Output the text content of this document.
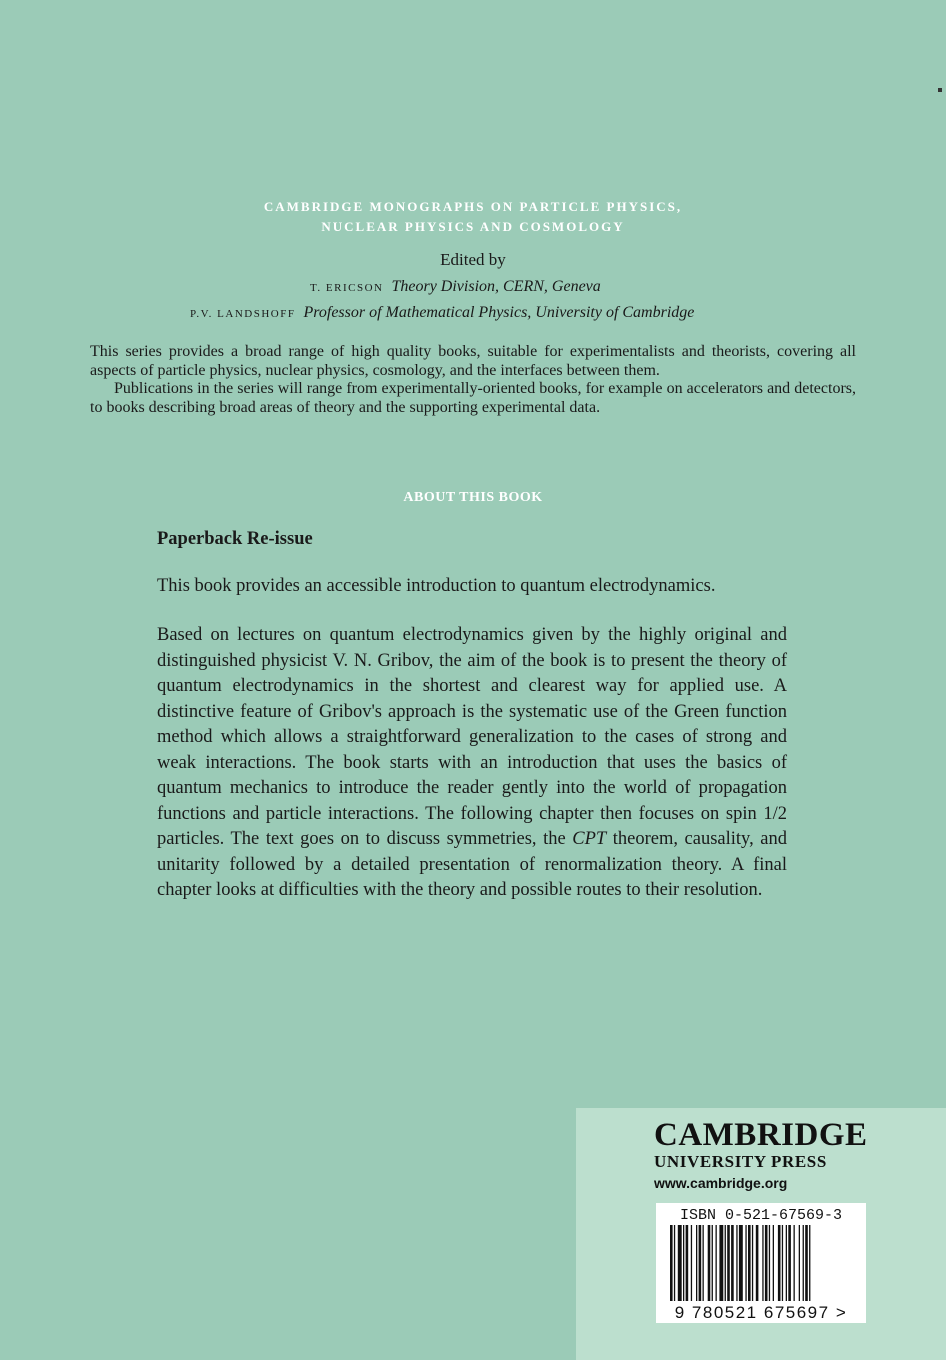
CAMBRIDGE MONOGRAPHS ON PARTICLE PHYSICS,
NUCLEAR PHYSICS AND COSMOLOGY
Edited by
T. ERICSON Theory Division, CERN, Geneva
P.V. LANDSHOFF Professor of Mathematical Physics, University of Cambridge

This series provides a broad range of high quality books, suitable for experimentalists and theorists, covering all aspects of particle physics, nuclear physics, cosmology, and the interfaces between them.

Publications in the series will range from experimentally-oriented books, for example on accelerators and detectors, to books describing broad areas of theory and the supporting experimental data.

ABOUT THIS BOOK

Paperback Re-issue

This book provides an accessible introduction to quantum electrodynamics.

Based on lectures on quantum electrodynamics given by the highly original and distinguished physicist V. N. Gribov, the aim of the book is to present the theory of quantum electrodynamics in the shortest and clearest way for applied use. A distinctive feature of Gribov's approach is the systematic use of the Green function method which allows a straightforward generalization to the cases of strong and weak interactions. The book starts with an introduction that uses the basics of quantum mechanics to introduce the reader gently into the world of propagation functions and particle interactions. The following chapter then focuses on spin 1/2 particles. The text goes on to discuss symmetries, the CPT theorem, causality, and unitarity followed by a detailed presentation of renormalization theory. A final chapter looks at difficulties with the theory and possible routes to their resolution.

CAMBRIDGE
UNIVERSITY PRESS
www.cambridge.org
ISBN 0-521-67569-3
9 780521 675697 >
